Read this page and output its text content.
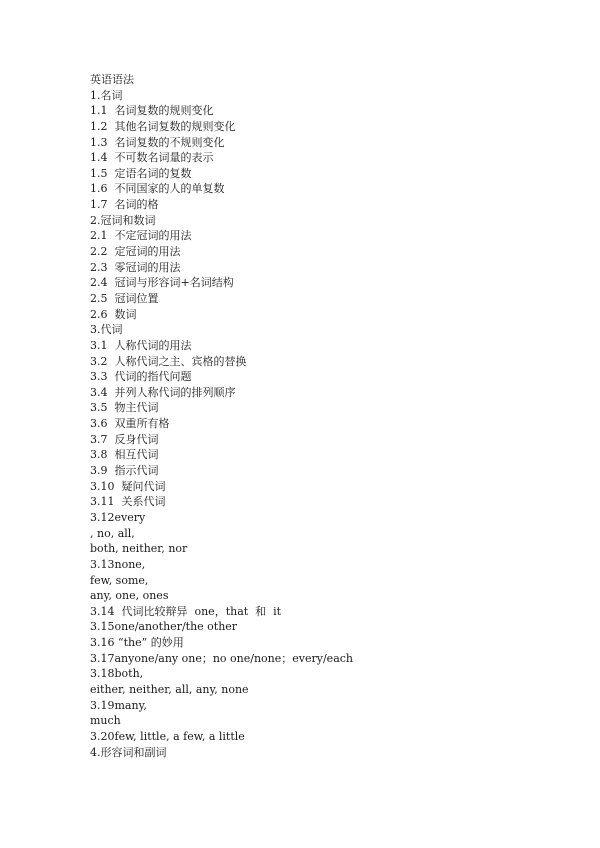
英语语法
1.名词
1.1  名词复数的规则变化
1.2  其他名词复数的规则变化
1.3  名词复数的不规则变化
1.4  不可数名词量的表示
1.5  定语名词的复数
1.6  不同国家的人的单复数
1.7  名词的格
2.冠词和数词
2.1  不定冠词的用法
2.2  定冠词的用法
2.3  零冠词的用法
2.4  冠词与形容词+名词结构
2.5  冠词位置
2.6  数词
3.代词
3.1  人称代词的用法
3.2  人称代词之主、宾格的替换
3.3  代词的指代问题
3.4  并列人称代词的排列顺序
3.5  物主代词
3.6  双重所有格
3.7  反身代词
3.8  相互代词
3.9  指示代词
3.10  疑问代词
3.11  关系代词
3.12every
, no, all,
both, neither, nor
3.13none,
few, some,
any, one, ones
3.14  代词比较辩异  one，that  和  it
3.15one/another/the other
3.16 “the” 的妙用
3.17anyone/any one；no one/none；every/each
3.18both,
either, neither, all, any, none
3.19many,
much
3.20few, little, a few, a little
4.形容词和副词
